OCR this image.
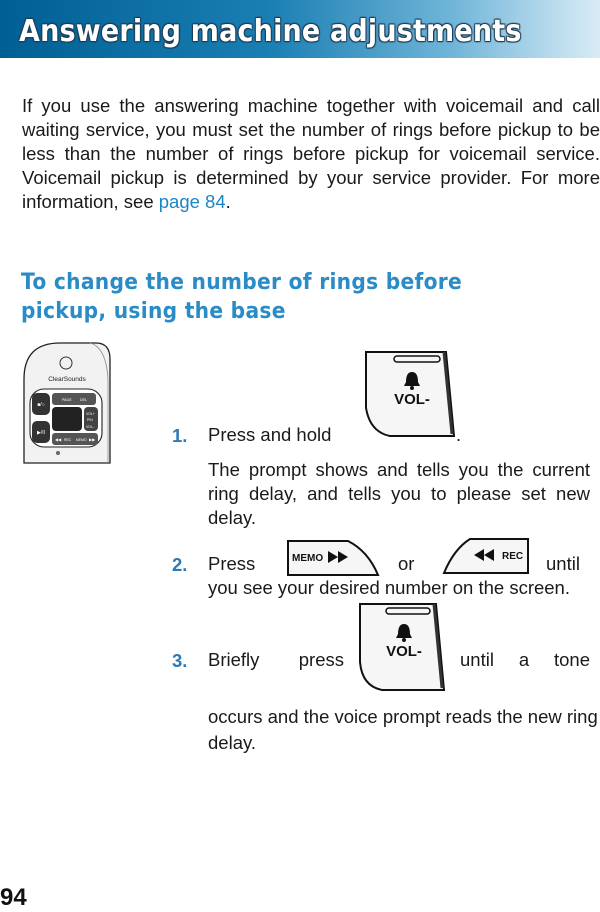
Answering machine adjustments

If you use the answering machine together with voicemail and call waiting service, you must set the number of rings before pickup to be less than the number of rings before pickup for voicemail service. Voicemail pickup is determined by your service provider. For more information, see page 84.

To change the number of rings before pickup, using the base
ClearSounds
■/○
▶/II
PAGE DEL
VOL+
PIN
VOL-
◀◀ REC MEMO ▶▶	1. Press and hold
VOL-
.

The prompt shows and tells you the current ring delay, and tells you to please set new delay.

2. Press	MEMO	or	REC until

you see your desired number on the screen.

3. Briefly press	VOL- until a tone

occurs and the voice prompt reads the new ring delay.

94
